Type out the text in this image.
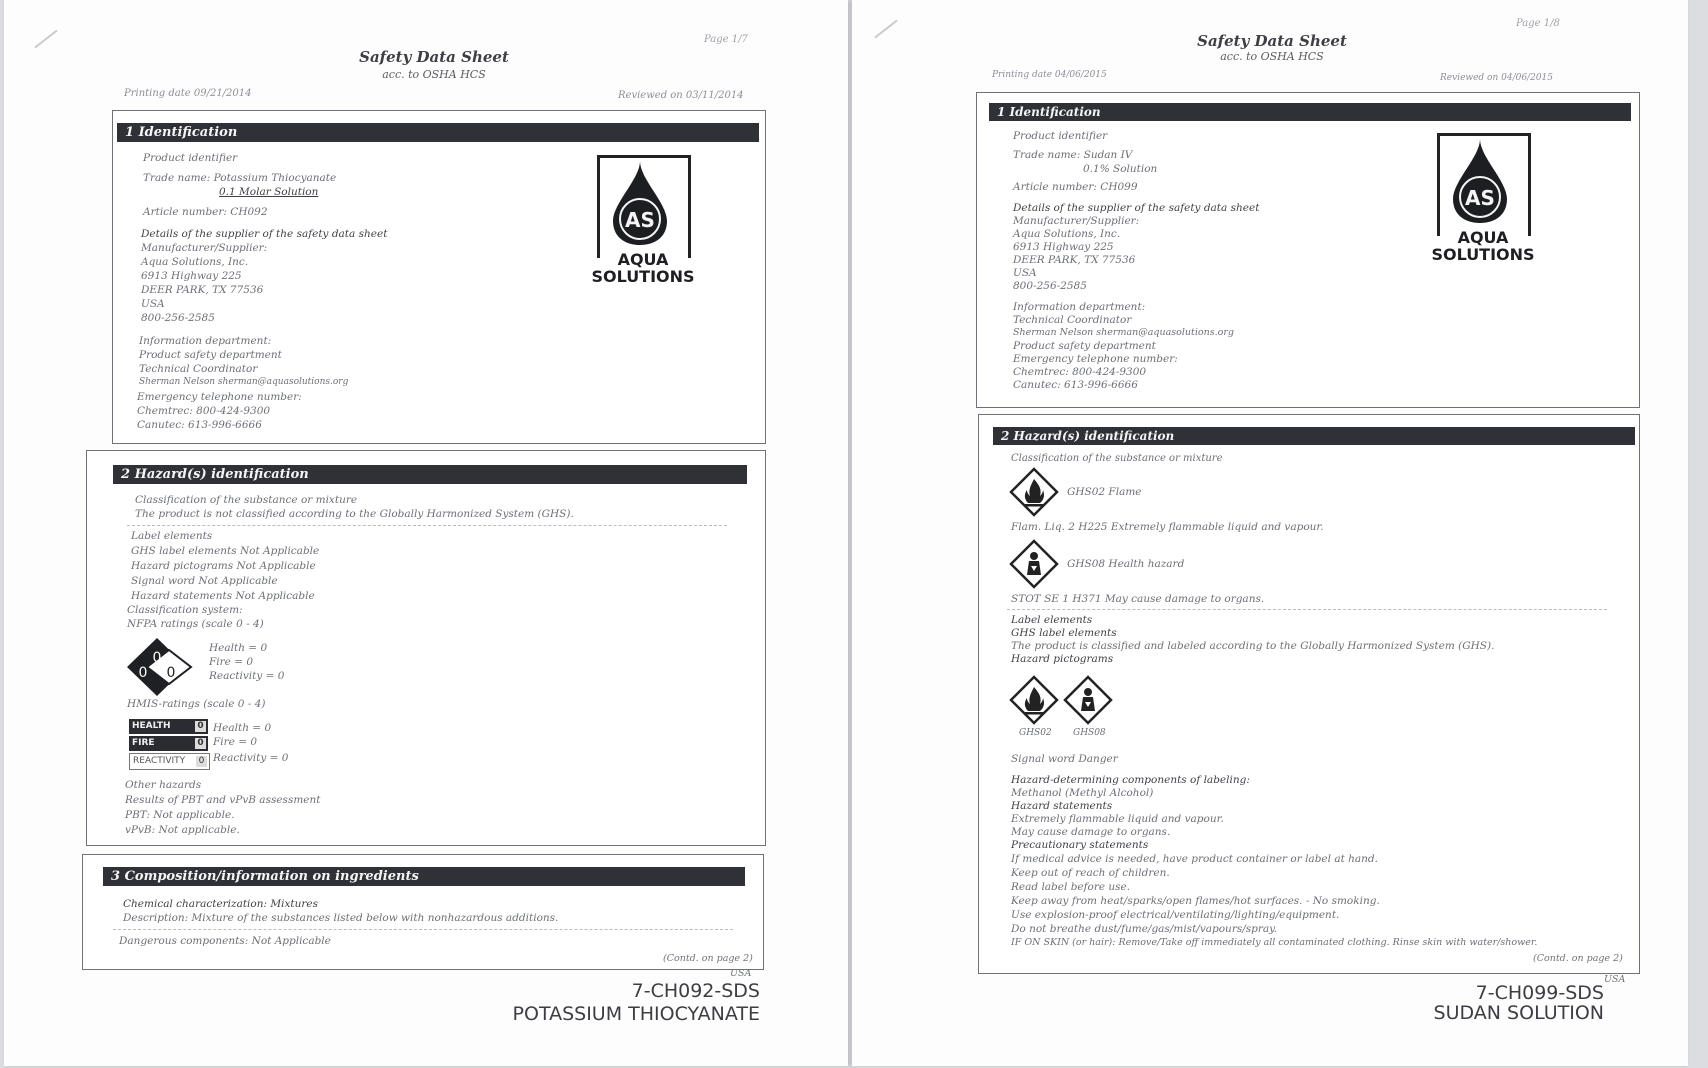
Page 1/7
Safety Data Sheet
acc. to OSHA HCS
Printing date 09/21/2014	Reviewed on 03/11/2014
1 Identification
Product identifier
Trade name: Potassium Thiocyanate
0.1 Molar Solution
Article number: CH092
Details of the supplier of the safety data sheet
Manufacturer/Supplier:
Aqua Solutions, Inc.
6913 Highway 225
DEER PARK, TX 77536
USA
800-256-2585
Information department:
Product safety department
Technical Coordinator
Sherman Nelson sherman@aquasolutions.org
Emergency telephone number:
Chemtrec: 800-424-9300
Canutec: 613-996-6666
AS
AQUA
SOLUTIONS
2 Hazard(s) identification
Classification of the substance or mixture
The product is not classified according to the Globally Harmonized System (GHS).
Label elements
GHS label elements Not Applicable
Hazard pictograms Not Applicable
Signal word Not Applicable
Hazard statements Not Applicable
Classification system:
NFPA ratings (scale 0 - 4)
0
0 0
Health = 0
Fire = 0
Reactivity = 0
HMIS-ratings (scale 0 - 4)
HEALTH	0
FIRE	0
REACTIVITY 0
Health = 0
Fire = 0
Reactivity = 0
Other hazards
Results of PBT and vPvB assessment
PBT: Not applicable.
vPvB: Not applicable.
3 Composition/information on ingredients
Chemical characterization: Mixtures
Description: Mixture of the substances listed below with nonhazardous additions.
Dangerous components: Not Applicable
(Contd. on page 2)
USA
7-CH092-SDS
POTASSIUM THIOCYANATE
Page 1/8
Safety Data Sheet
acc. to OSHA HCS
Printing date 04/06/2015	Reviewed on 04/06/2015
1 Identification
Product identifier
Trade name: Sudan IV
0.1% Solution
Article number: CH099
Details of the supplier of the safety data sheet
Manufacturer/Supplier:
Aqua Solutions, Inc.
6913 Highway 225
DEER PARK, TX 77536
USA
800-256-2585
Information department:
Technical Coordinator
Sherman Nelson sherman@aquasolutions.org
Product safety department
Emergency telephone number:
Chemtrec: 800-424-9300
Canutec: 613-996-6666
AS
AQUA
SOLUTIONS
2 Hazard(s) identification
Classification of the substance or mixture
GHS02 Flame
Flam. Liq. 2 H225 Extremely flammable liquid and vapour.
GHS08 Health hazard
STOT SE 1 H371 May cause damage to organs.
Label elements
GHS label elements
The product is classified and labeled according to the Globally Harmonized System (GHS).
Hazard pictograms
GHS02 GHS08
Signal word Danger
Hazard-determining components of labeling:
Methanol (Methyl Alcohol)
Hazard statements
Extremely flammable liquid and vapour.
May cause damage to organs.
Precautionary statements
If medical advice is needed, have product container or label at hand.
Keep out of reach of children.
Read label before use.
Keep away from heat/sparks/open flames/hot surfaces. - No smoking.
Use explosion-proof electrical/ventilating/lighting/equipment.
Do not breathe dust/fume/gas/mist/vapours/spray.
IF ON SKIN (or hair): Remove/Take off immediately all contaminated clothing. Rinse skin with water/shower.
(Contd. on page 2)
USA
7-CH099-SDS
SUDAN SOLUTION
